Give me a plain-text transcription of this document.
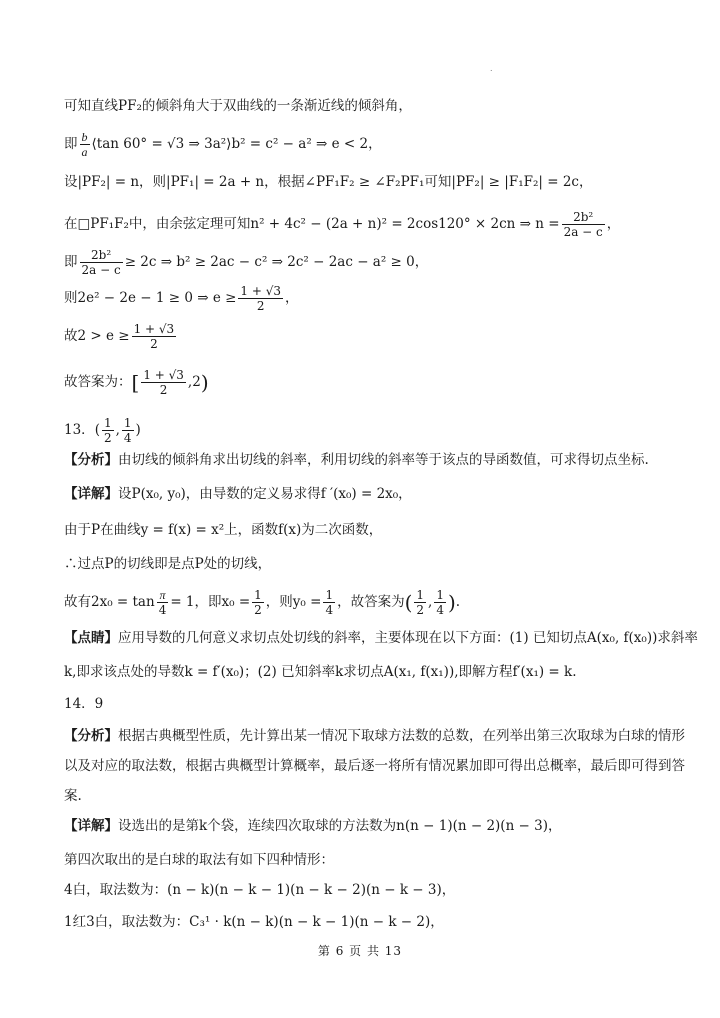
˙
可知直线PF₂的倾斜角大于双曲线的一条渐近线的倾斜角，
即 $\frac{b}{a}$ ⟨tan 60° = √3 ⇒ 3a²⟩b² = c² − a² ⇒ e < 2，
设|PF₂| = n，则|PF₁| = 2a + n，根据∠PF₁F₂ ≥ ∠F₂PF₁可知|PF₂| ≥ |F₁F₂| = 2c，
在□PF₁F₂中，由余弦定理可知n² + 4c² − (2a + n)² = 2cos120° × 2cn ⇒ $n = \frac{\text{2b²}}{2a - c}$ ，
即 $\frac{\text{2b²}}{2a - c} \ge 2c$ ⇒ b² ≥ 2ac − c² ⇒ 2c² − 2ac − a² ≥ 0，
则2e² − 2e − 1 ≥ 0 ⇒ $e \ge \frac{1 + √3}{2}$ ，
故$2 > e \ge \frac{1 + √3}{2}$
故答案为：[ $\frac{1 + √3}{2} ,2$)
13．( $\frac{1}{2}$ , $\frac{1}{4}$ )
【分析】由切线的倾斜角求出切线的斜率，利用切线的斜率等于该点的导函数值，可求得切点坐标.
【详解】设P(x₀, y₀)，由导数的定义易求得f ′(x₀) = 2x₀，
由于P在曲线y = f(x) = x²上，函数f(x)为二次函数，
∴过点P的切线即是点P处的切线，
故有$2x_0 = \tan \frac{\pi}{4} = 1$，即$x_0 = \frac{1}{2}$ ，则$y_0 = \frac{1}{4}$ ，故答案为( $\frac{1}{2}$ , $\frac{1}{4}$ ).
【点睛】应用导数的几何意义求切点处切线的斜率，主要体现在以下方面：(1) 已知切点A(x₀, f(x₀))求斜率
k,即求该点处的导数k = f′(x₀)；(2) 已知斜率k求切点A(x₁, f(x₁)),即解方程f′(x₁) = k.
14．9
【分析】根据古典概型性质，先计算出某一情况下取球方法数的总数，在列举出第三次取球为白球的情形
以及对应的取法数，根据古典概型计算概率，最后逐一将所有情况累加即可得出总概率，最后即可得到答
案.
【详解】设选出的是第k个袋，连续四次取球的方法数为n(n − 1)(n − 2)(n − 3)，
第四次取出的是白球的取法有如下四种情形：
4白，取法数为：(n − k)(n − k − 1)(n − k − 2)(n − k − 3)，
1红3白，取法数为：C₃¹ · k(n − k)(n − k − 1)(n − k − 2)，
第 6 页 共 13
